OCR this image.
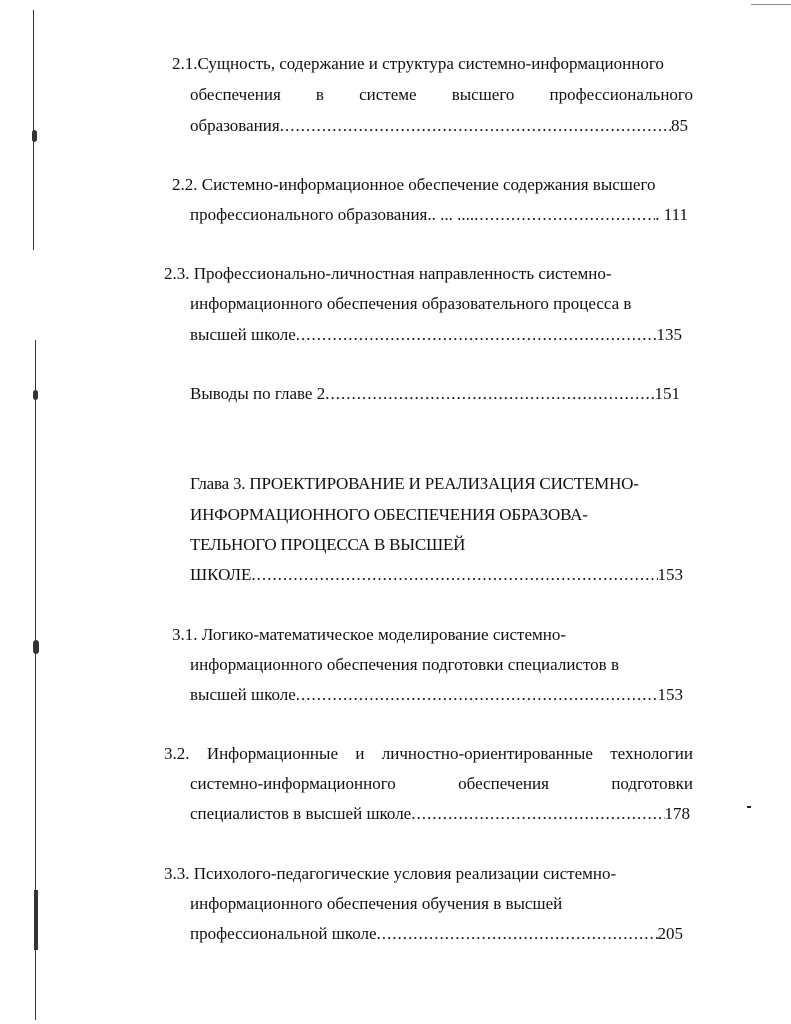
2.1.Сущность, содержание и структура системно-информационного
обеспечения в системе высшего профессионального
образования .....	85
2.2. Системно-информационное обеспечение содержания высшего
профессионального образования.. ... .... .....	. 111
2.3. Профессионально-личностная направленность системно-
информационного обеспечения образовательного процесса в
высшей школе .....	135
Выводы по главе 2 .....	151
Глава 3. ПРОЕКТИРОВАНИЕ И РЕАЛИЗАЦИЯ СИСТЕМНО-
ИНФОРМАЦИОННОГО ОБЕСПЕЧЕНИЯ ОБРАЗОВА-
ТЕЛЬНОГО ПРОЦЕССА В ВЫСШЕЙ
ШКОЛЕ .....	153
3.1. Логико-математическое моделирование системно-
информационного обеспечения подготовки специалистов в
высшей школе .....	153
3.2. Информационные и личностно-ориентированные технологии
системно-информационного	обеспечения	подготовки
специалистов в высшей школе .....	178
3.3. Психолого-педагогические условия реализации системно-
информационного обеспечения обучения в высшей
профессиональной школе .....	205
